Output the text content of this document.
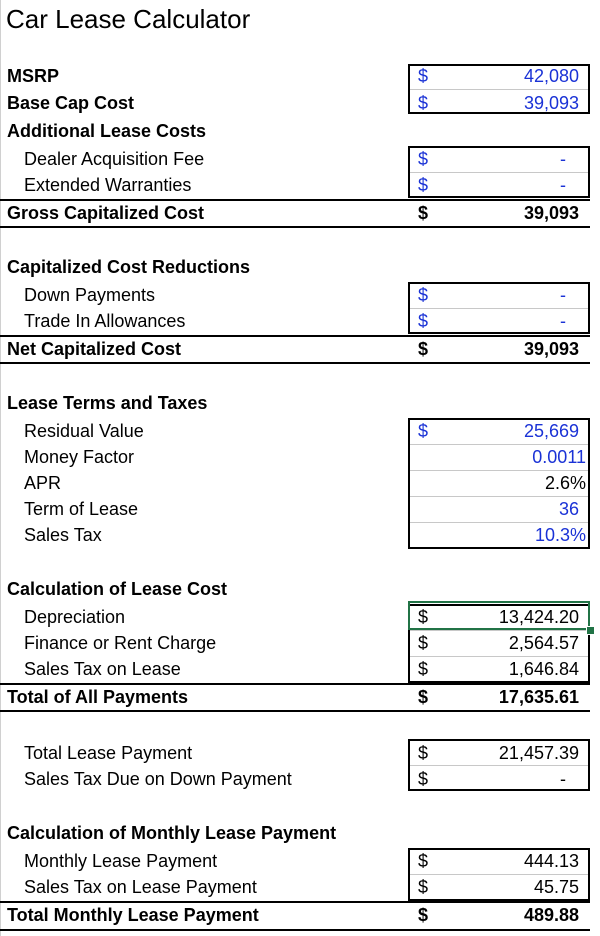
Car Lease Calculator
MSRP	$	42,080
Base Cap Cost	$	39,093
Additional Lease Costs
Dealer Acquisition Fee	$	-
Extended Warranties	$	-
Gross Capitalized Cost	$	39,093
Capitalized Cost Reductions
Down Payments	$	-
Trade In Allowances	$	-
Net Capitalized Cost	$	39,093
Lease Terms and Taxes
Residual Value	$	25,669
Money Factor	0.0011
APR	2.6%
Term of Lease	36
Sales Tax	10.3%
Calculation of Lease Cost
Depreciation	$	13,424.20
Finance or Rent Charge	$	2,564.57
Sales Tax on Lease	$	1,646.84
Total of All Payments	$	17,635.61
Total Lease Payment	$	21,457.39
Sales Tax Due on Down Payment	$	-
Calculation of Monthly Lease Payment
Monthly Lease Payment	$	444.13
Sales Tax on Lease Payment	$	45.75
Total Monthly Lease Payment	$	489.88
